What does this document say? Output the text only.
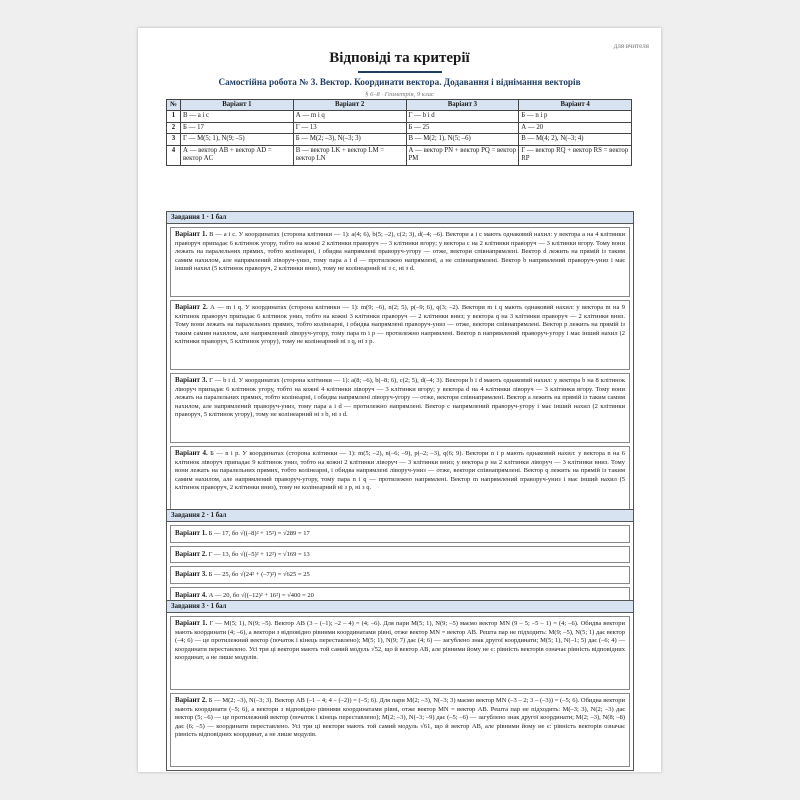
для вчителя
Відповіді та критерії
Самостійна робота № 3. Вектор. Координати вектора. Додавання і віднімання векторів
§ 6–8 · Геометрія, 9 клас
№	Варіант 1	Варіант 2	Варіант 3	Варіант 4
1	В — a і c	А — m і q	Г — b і d	Б — n і p
2	Б — 17	Г — 13	Б — 25	А — 20
3	Г — M(5; 1), N(9; –5)	Б — M(2; –3), N(–3; 3)	В — M(2; 1), N(5; –6)	В — M(4; 2), N(–3; 4)
4	А — вектор AB + вектор AD = вектор AC	В — вектор LK + вектор LM = вектор LN	А — вектор PN + вектор PQ = вектор PM	Г — вектор RQ + вектор RS = вектор RP
Завдання 1 · 1 бал
Варіант 1. В — a і c. У координатах (сторона клітинки — 1): a(4; 6), b(5; –2), c(2; 3), d(–4; –6). Вектори a і c мають однаковий нахил: у вектора a на 4 клітинки праворуч припадає 6 клітинок угору, тобто на кожні 2 клітинки праворуч — 3 клітинки вгору; у вектора c на 2 клітинки праворуч — 3 клітинки вгору. Тому вони лежать на паралельних прямих, тобто колінеарні, і обидва напрямлені праворуч-угору — отже, вектори співнапрямлені. Вектор d лежить на прямій із таким самим нахилом, але напрямлений ліворуч-униз, тому пара a і d — протилежно напрямлені, а не співнапрямлені. Вектор b напрямлений праворуч-униз і має інший нахил (5 клітинок праворуч, 2 клітинки вниз), тому не колінеарний ні з c, ні з d.
Варіант 2. А — m і q. У координатах (сторона клітинки — 1): m(9; –6), n(2; 5), p(–9; 6), q(3; –2). Вектори m і q мають однаковий нахил: у вектора m на 9 клітинок праворуч припадає 6 клітинок униз, тобто на кожні 3 клітинки праворуч — 2 клітинки вниз; у вектора q на 3 клітинки праворуч — 2 клітинки вниз. Тому вони лежать на паралельних прямих, тобто колінеарні, і обидва напрямлені праворуч-униз — отже, вектори співнапрямлені. Вектор p лежить на прямій із таким самим нахилом, але напрямлений ліворуч-угору, тому пара m і p — протилежно напрямлені. Вектор n напрямлений праворуч-угору і має інший нахил (2 клітинки праворуч, 5 клітинок угору), тому не колінеарний ні з q, ні з p.
Варіант 3. Г — b і d. У координатах (сторона клітинки — 1): a(8; –6), b(–8; 6), c(2; 5), d(–4; 3). Вектори b і d мають однаковий нахил: у вектора b на 8 клітинок ліворуч припадає 6 клітинок угору, тобто на кожні 4 клітинки ліворуч — 3 клітинки вгору; у вектора d на 4 клітинки ліворуч — 3 клітинки вгору. Тому вони лежать на паралельних прямих, тобто колінеарні, і обидва напрямлені ліворуч-угору — отже, вектори співнапрямлені. Вектор a лежить на прямій із таким самим нахилом, але напрямлений праворуч-униз, тому пара a і d — протилежно напрямлені. Вектор c напрямлений праворуч-угору і має інший нахил (2 клітинки праворуч, 5 клітинок угору), тому не колінеарний ні з b, ні з d.
Варіант 4. Б — n і p. У координатах (сторона клітинки — 1): m(5; –2), n(–6; –9), p(–2; –3), q(6; 9). Вектори n і p мають однаковий нахил: у вектора n на 6 клітинок ліворуч припадає 9 клітинок униз, тобто на кожні 2 клітинки ліворуч — 3 клітинки вниз; у вектора p на 2 клітинки ліворуч — 3 клітинки вниз. Тому вони лежать на паралельних прямих, тобто колінеарні, і обидва напрямлені ліворуч-униз — отже, вектори співнапрямлені. Вектор q лежить на прямій із таким самим нахилом, але напрямлений праворуч-угору, тому пара n і q — протилежно напрямлені. Вектор m напрямлений праворуч-униз і має інший нахил (5 клітинок праворуч, 2 клітинки вниз), тому не колінеарний ні з p, ні з q.
Завдання 2 · 1 бал
Варіант 1. Б — 17, бо √((–8)² + 15²) = √289 = 17
Варіант 2. Г — 13, бо √((–5)² + 12²) = √169 = 13
Варіант 3. Б — 25, бо √(24² + (–7)²) = √625 = 25
Варіант 4. А — 20, бо √((–12)² + 16²) = √400 = 20
Завдання 3 · 1 бал
Варіант 1. Г — M(5; 1), N(9; –5). Вектор AB (3 – (–1); –2 – 4) = (4; –6). Для пари M(5; 1), N(9; –5) маємо вектор MN (9 – 5; –5 – 1) = (4; –6). Обидва вектори мають координати (4; –6), а вектори з відповідно рівними координатами рівні, отже вектор MN = вектор AB. Решта пар не підходить: M(9; –5), N(5; 1) дає вектор (–4; 6) — це протилежний вектор (початок і кінець переставлено); M(5; 1), N(9; 7) дає (4; 6) — загублено знак другої координати; M(5; 1), N(–1; 5) дає (–6; 4) — координати переставлено. Усі три ці вектори мають той самий модуль √52, що й вектор AB, але рівними йому не є: рівність векторів означає рівність відповідних координат, а не лише модулів.
Варіант 2. Б — M(2; –3), N(–3; 3). Вектор AB (–1 – 4; 4 – (–2)) = (–5; 6). Для пари M(2; –3), N(–3; 3) маємо вектор MN (–3 – 2; 3 – (–3)) = (–5; 6). Обидва вектори мають координати (–5; 6), а вектори з відповідно рівними координатами рівні, отже вектор MN = вектор AB. Решта пар не підходить: M(–3; 3), N(2; –3) дає вектор (5; –6) — це протилежний вектор (початок і кінець переставлено); M(2; –3), N(–3; –9) дає (–5; –6) — загублено знак другої координати; M(2; –3), N(8; –8) дає (6; –5) — координати переставлено. Усі три ці вектори мають той самий модуль √61, що й вектор AB, але рівними йому не є: рівність векторів означає рівність відповідних координат, а не лише модулів.
